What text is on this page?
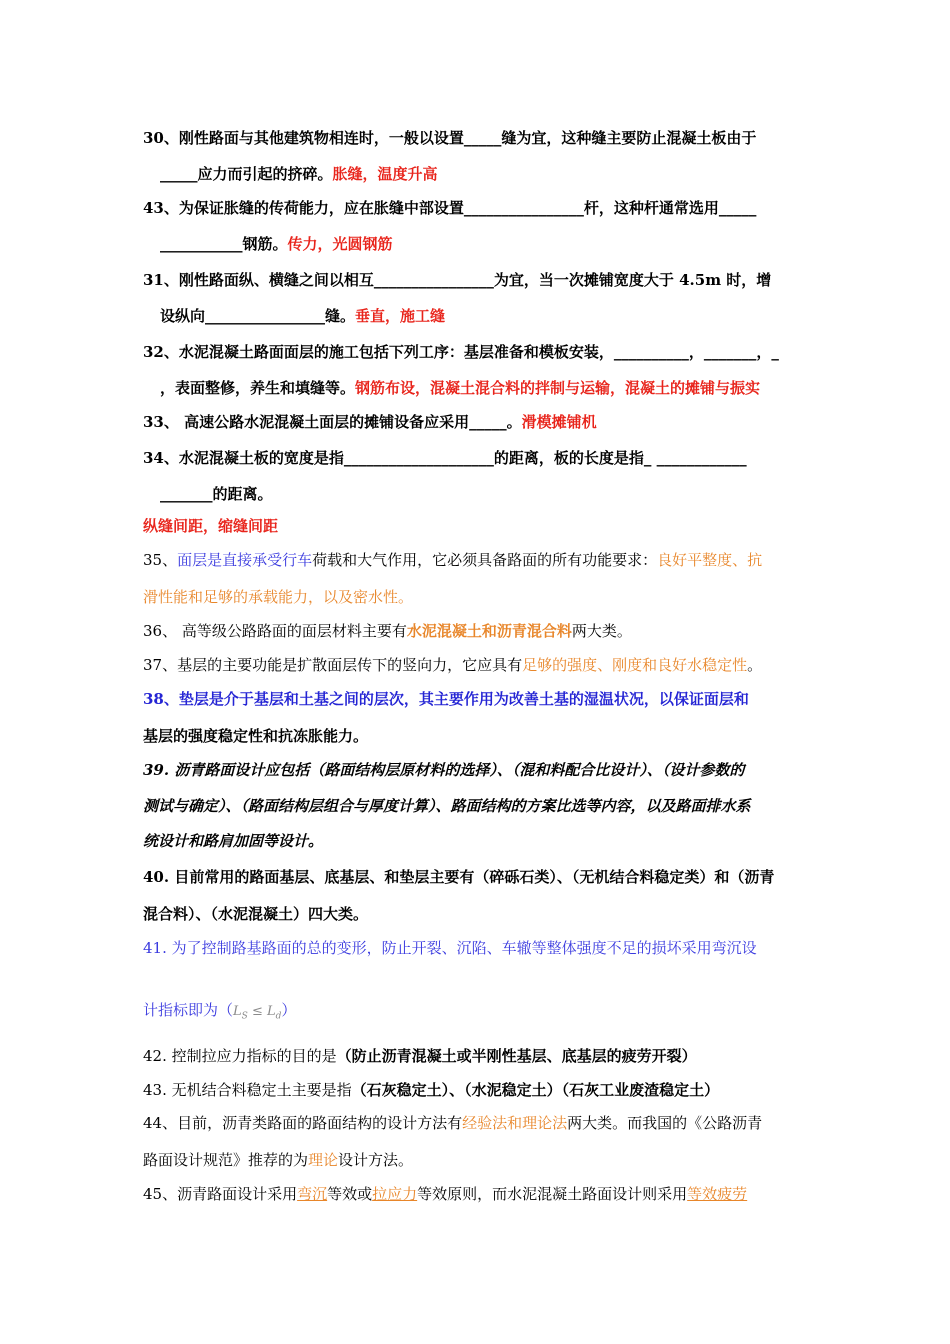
30、刚性路面与其他建筑物相连时，一般以设置_____缝为宜，这种缝主要防止混凝土板由于
_____应力而引起的挤碎。胀缝，温度升高
43、为保证胀缝的传荷能力，应在胀缝中部设置________________杆，这种杆通常选用_____
___________钢筋。传力，光圆钢筋
31、刚性路面纵、横缝之间以相互________________为宜，当一次摊铺宽度大于 4.5m 时，增
设纵向________________缝。垂直，施工缝
32、水泥混凝土路面面层的施工包括下列工序：基层准备和模板安装，__________，_______，_
，表面整修，养生和填缝等。钢筋布设，混凝土混合料的拌制与运输，混凝土的摊铺与振实
33、 高速公路水泥混凝土面层的摊铺设备应采用_____。滑模摊铺机
34、水泥混凝土板的宽度是指____________________的距离，板的长度是指_ ____________
_______的距离。
纵缝间距，缩缝间距
35、面层是直接承受行车荷载和大气作用，它必须具备路面的所有功能要求：良好平整度、抗
滑性能和足够的承载能力，以及密水性。
36、 高等级公路路面的面层材料主要有水泥混凝土和沥青混合料两大类。
37、基层的主要功能是扩散面层传下的竖向力，它应具有足够的强度、刚度和良好水稳定性。
38、垫层是介于基层和土基之间的层次，其主要作用为改善土基的湿温状况，以保证面层和
基层的强度稳定性和抗冻胀能力。
39. 沥青路面设计应包括（路面结构层原材料的选择）、（混和料配合比设计）、（设计参数的
测试与确定）、（路面结构层组合与厚度计算）、路面结构的方案比选等内容，以及路面排水系
统设计和路肩加固等设计。
40. 目前常用的路面基层、底基层、和垫层主要有（碎砾石类）、（无机结合料稳定类）和（沥青
混合料）、（水泥混凝土）四大类。
41. 为了控制路基路面的总的变形，防止开裂、沉陷、车辙等整体强度不足的损坏采用弯沉设
计指标即为$(L_S \le L_d)$
42. 控制拉应力指标的目的是（防止沥青混凝土或半刚性基层、底基层的疲劳开裂）
43. 无机结合料稳定土主要是指（石灰稳定土）、（水泥稳定土）（石灰工业废渣稳定土）
44、目前，沥青类路面的路面结构的设计方法有经验法和理论法两大类。而我国的《公路沥青
路面设计规范》推荐的为理论设计方法。
45、沥青路面设计采用弯沉等效或拉应力等效原则，而水泥混凝土路面设计则采用等效疲劳
